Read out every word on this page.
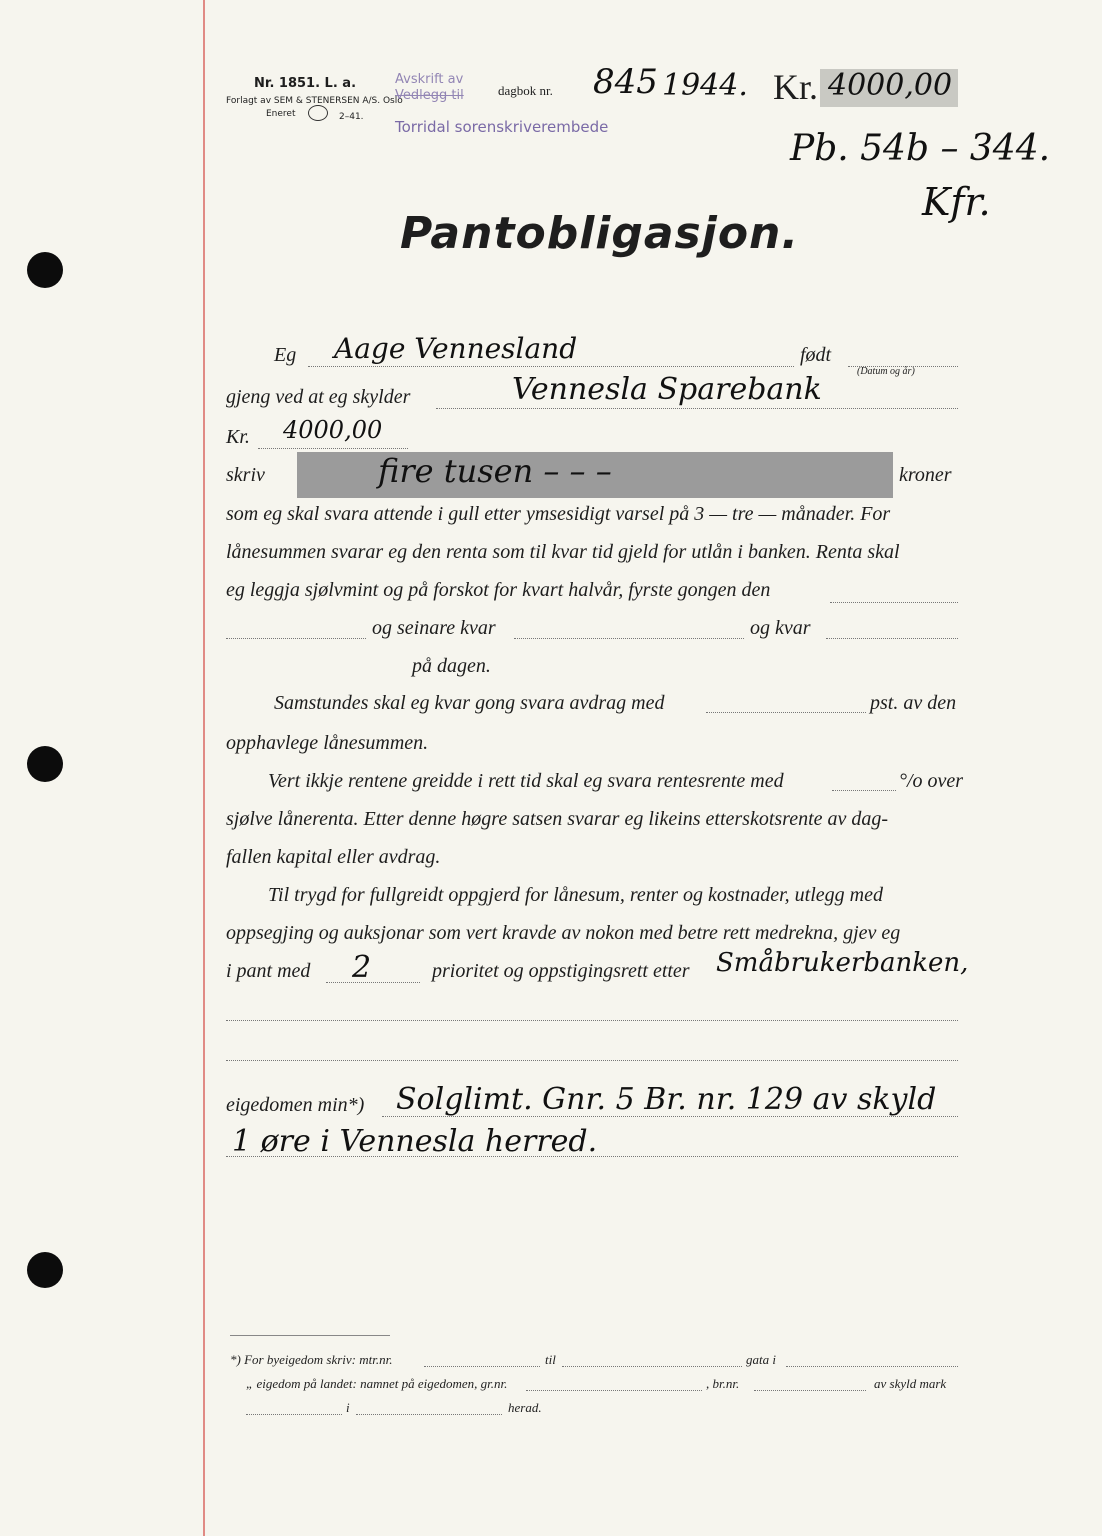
Nr. 1851. L. a.
Forlagt av SEM & STENERSEN A/S. Oslo
Eneret	2–41.
Avskrift av
Vedlegg til	dagbok nr. 845 1944. Kr. 4000,00
Torridal sorenskriverembede
Pb. 54b – 344.
Kfr.
Pantobligasjon.
Eg Aage Vennesland	født
(Datum og år)
gjeng ved at eg skylder	Vennesla Sparebank
Kr. 4000,00
skriv	fire tusen – – –	kroner
som eg skal svara attende i gull etter ymsesidigt varsel på 3 — tre — månader. For
lånesummen svarar eg den renta som til kvar tid gjeld for utlån i banken. Renta skal
eg leggja sjølvmint og på forskot for kvart halvår, fyrste gongen den
og seinare kvar	og kvar
på dagen.
Samstundes skal eg kvar gong svara avdrag med	pst. av den
opphavlege lånesummen.
Vert ikkje rentene greidde i rett tid skal eg svara rentesrente med	°/o over
sjølve lånerenta. Etter denne høgre satsen svarar eg likeins etterskotsrente av dag-
fallen kapital eller avdrag.
Til trygd for fullgreidt oppgjerd for lånesum, renter og kostnader, utlegg med
oppsegjing og auksjonar som vert kravde av nokon med betre rett medrekna, gjev eg
i pant med 2	prioritet og oppstigingsrett etter Småbrukerbanken,
eigedomen min*) Solglimt. Gnr. 5 Br. nr. 129 av skyld
1 øre i Vennesla herred.
*) For byeigedom skriv: mtr.nr.	til	gata i
„ eigedom på landet: namnet på eigedomen, gr.nr.	, br.nr.	av skyld mark
i	herad.
